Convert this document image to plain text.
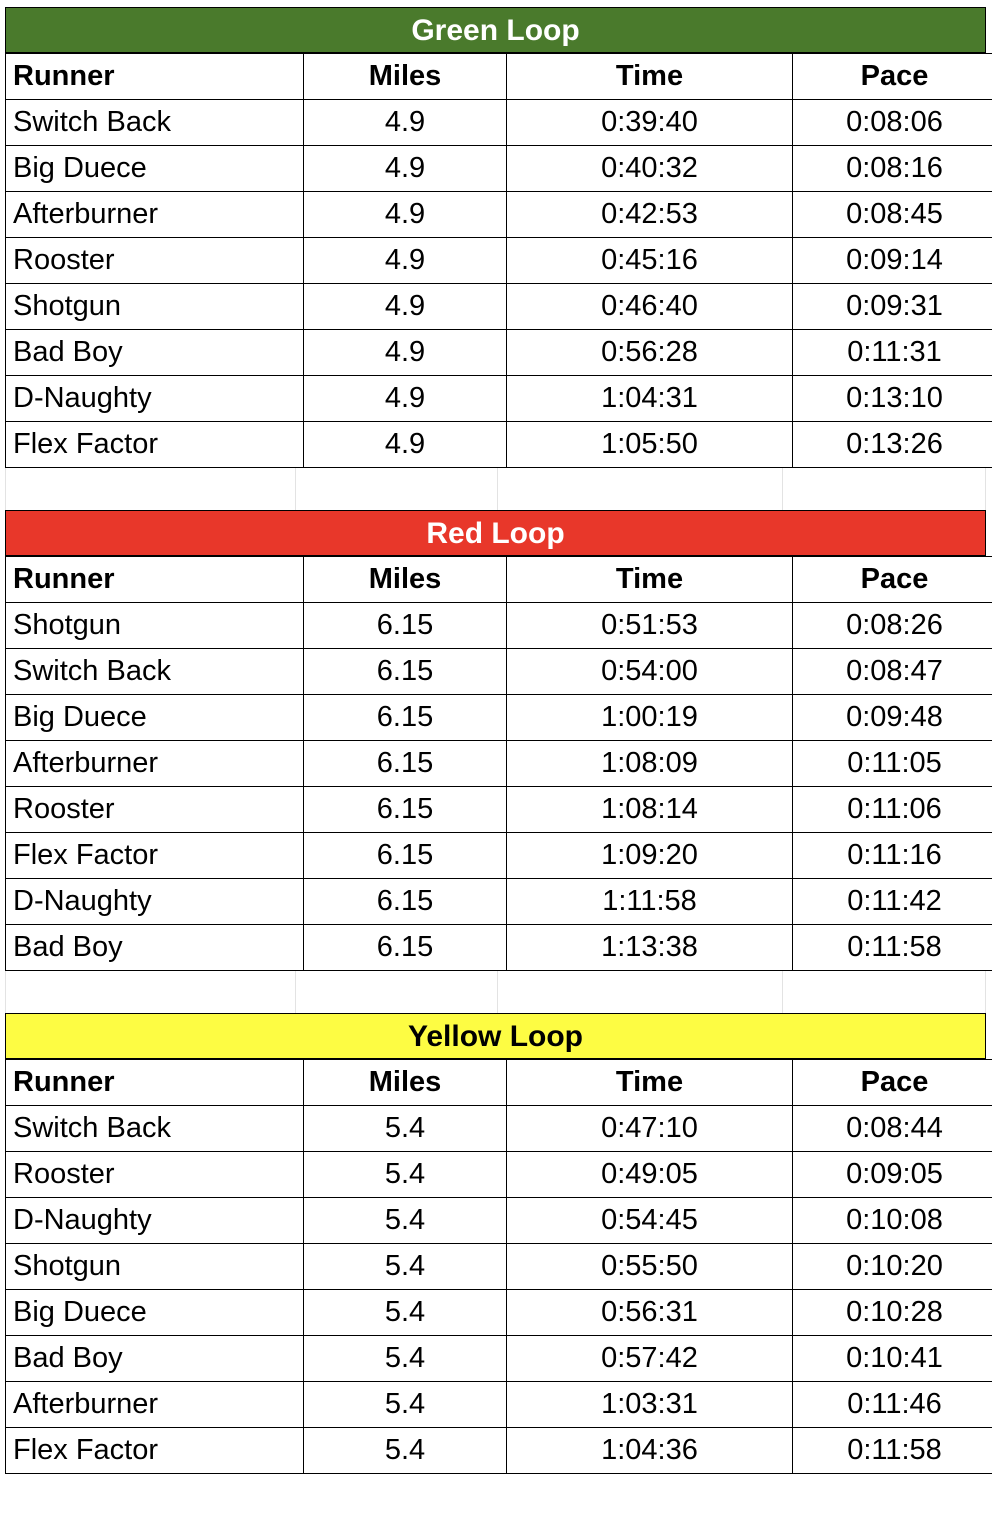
Green Loop
Runner	Miles	Time	Pace
Switch Back	4.9	0:39:40	0:08:06
Big Duece	4.9	0:40:32	0:08:16
Afterburner	4.9	0:42:53	0:08:45
Rooster	4.9	0:45:16	0:09:14
Shotgun	4.9	0:46:40	0:09:31
Bad Boy	4.9	0:56:28	0:11:31
D-Naughty	4.9	1:04:31	0:13:10
Flex Factor	4.9	1:05:50	0:13:26
Red Loop
Runner	Miles	Time	Pace
Shotgun	6.15	0:51:53	0:08:26
Switch Back	6.15	0:54:00	0:08:47
Big Duece	6.15	1:00:19	0:09:48
Afterburner	6.15	1:08:09	0:11:05
Rooster	6.15	1:08:14	0:11:06
Flex Factor	6.15	1:09:20	0:11:16
D-Naughty	6.15	1:11:58	0:11:42
Bad Boy	6.15	1:13:38	0:11:58
Yellow Loop
Runner	Miles	Time	Pace
Switch Back	5.4	0:47:10	0:08:44
Rooster	5.4	0:49:05	0:09:05
D-Naughty	5.4	0:54:45	0:10:08
Shotgun	5.4	0:55:50	0:10:20
Big Duece	5.4	0:56:31	0:10:28
Bad Boy	5.4	0:57:42	0:10:41
Afterburner	5.4	1:03:31	0:11:46
Flex Factor	5.4	1:04:36	0:11:58
